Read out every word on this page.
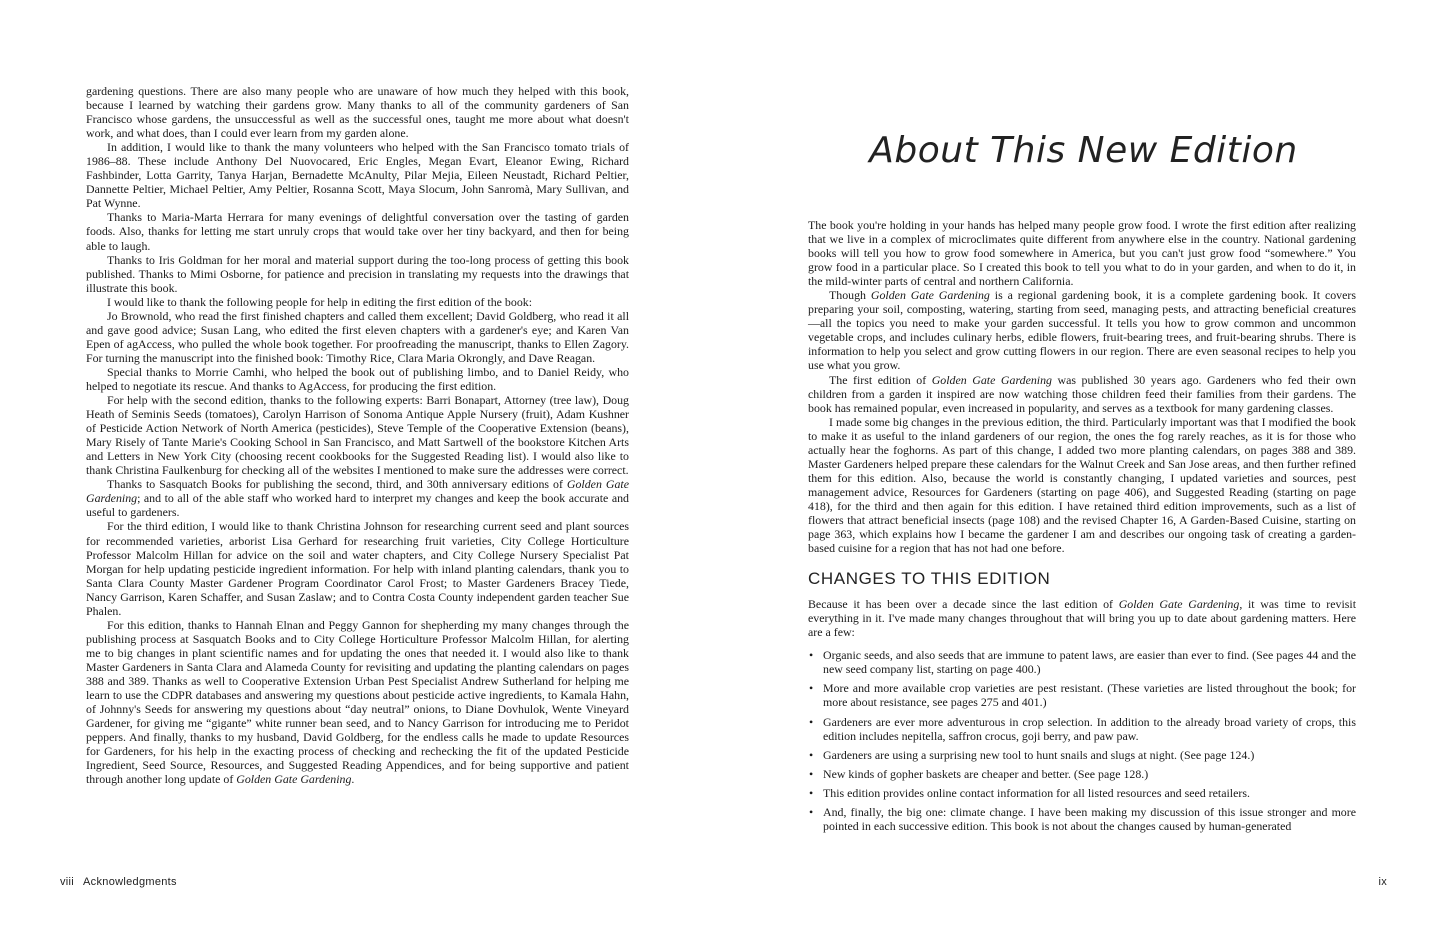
gardening questions. There are also many people who are unaware of how much they helped with this book, because I learned by watching their gardens grow. Many thanks to all of the community gardeners of San Francisco whose gardens, the unsuccessful as well as the successful ones, taught me more about what doesn't work, and what does, than I could ever learn from my garden alone.

In addition, I would like to thank the many volunteers who helped with the San Francisco tomato trials of 1986–88. These include Anthony Del Nuovocared, Eric Engles, Megan Evart, Eleanor Ewing, Richard Fashbinder, Lotta Garrity, Tanya Harjan, Bernadette McAnulty, Pilar Mejia, Eileen Neustadt, Richard Peltier, Dannette Peltier, Michael Peltier, Amy Peltier, Rosanna Scott, Maya Slocum, John Sanromà, Mary Sullivan, and Pat Wynne.

Thanks to Maria-Marta Herrara for many evenings of delightful conversation over the tasting of garden foods. Also, thanks for letting me start unruly crops that would take over her tiny backyard, and then for being able to laugh.

Thanks to Iris Goldman for her moral and material support during the too-long process of getting this book published. Thanks to Mimi Osborne, for patience and precision in translating my requests into the drawings that illustrate this book.

I would like to thank the following people for help in editing the first edition of the book:

Jo Brownold, who read the first finished chapters and called them excellent; David Goldberg, who read it all and gave good advice; Susan Lang, who edited the first eleven chapters with a gardener's eye; and Karen Van Epen of agAccess, who pulled the whole book together. For proofreading the manuscript, thanks to Ellen Zagory. For turning the manuscript into the finished book: Timothy Rice, Clara Maria Okrongly, and Dave Reagan.

Special thanks to Morrie Camhi, who helped the book out of publishing limbo, and to Daniel Reidy, who helped to negotiate its rescue. And thanks to AgAccess, for producing the first edition.

For help with the second edition, thanks to the following experts: Barri Bonapart, Attorney (tree law), Doug Heath of Seminis Seeds (tomatoes), Carolyn Harrison of Sonoma Antique Apple Nursery (fruit), Adam Kushner of Pesticide Action Network of North America (pesticides), Steve Temple of the Cooperative Extension (beans), Mary Risely of Tante Marie's Cooking School in San Francisco, and Matt Sartwell of the bookstore Kitchen Arts and Letters in New York City (choosing recent cookbooks for the Suggested Reading list). I would also like to thank Christina Faulkenburg for checking all of the websites I mentioned to make sure the addresses were correct.

Thanks to Sasquatch Books for publishing the second, third, and 30th anniversary editions of Golden Gate Gardening; and to all of the able staff who worked hard to interpret my changes and keep the book accurate and useful to gardeners.

For the third edition, I would like to thank Christina Johnson for researching current seed and plant sources for recommended varieties, arborist Lisa Gerhard for researching fruit varieties, City College Horticulture Professor Malcolm Hillan for advice on the soil and water chapters, and City College Nursery Specialist Pat Morgan for help updating pesticide ingredient information. For help with inland planting calendars, thank you to Santa Clara County Master Gardener Program Coordinator Carol Frost; to Master Gardeners Bracey Tiede, Nancy Garrison, Karen Schaffer, and Susan Zaslaw; and to Contra Costa County independent garden teacher Sue Phalen.

For this edition, thanks to Hannah Elnan and Peggy Gannon for shepherding my many changes through the publishing process at Sasquatch Books and to City College Horticulture Professor Malcolm Hillan, for alerting me to big changes in plant scientific names and for updating the ones that needed it. I would also like to thank Master Gardeners in Santa Clara and Alameda County for revisiting and updating the planting calendars on pages 388 and 389. Thanks as well to Cooperative Extension Urban Pest Specialist Andrew Sutherland for helping me learn to use the CDPR databases and answering my questions about pesticide active ingredients, to Kamala Hahn, of Johnny's Seeds for answering my questions about “day neutral” onions, to Diane Dovhulok, Wente Vineyard Gardener, for giving me “gigante” white runner bean seed, and to Nancy Garrison for introducing me to Peridot peppers. And finally, thanks to my husband, David Goldberg, for the endless calls he made to update Resources for Gardeners, for his help in the exacting process of checking and rechecking the fit of the updated Pesticide Ingredient, Seed Source, Resources, and Suggested Reading Appendices, and for being supportive and patient through another long update of Golden Gate Gardening.

viii Acknowledgments
About This New Edition

The book you're holding in your hands has helped many people grow food. I wrote the first edition after realizing that we live in a complex of microclimates quite different from anywhere else in the country. National gardening books will tell you how to grow food somewhere in America, but you can't just grow food “somewhere.” You grow food in a particular place. So I created this book to tell you what to do in your garden, and when to do it, in the mild-winter parts of central and northern California.

Though Golden Gate Gardening is a regional gardening book, it is a complete gardening book. It covers preparing your soil, composting, watering, starting from seed, managing pests, and attracting beneficial creatures—all the topics you need to make your garden successful. It tells you how to grow common and uncommon vegetable crops, and includes culinary herbs, edible flowers, fruit-bearing trees, and fruit-bearing shrubs. There is information to help you select and grow cutting flowers in our region. There are even seasonal recipes to help you use what you grow.

The first edition of Golden Gate Gardening was published 30 years ago. Gardeners who fed their own children from a garden it inspired are now watching those children feed their families from their gardens. The book has remained popular, even increased in popularity, and serves as a textbook for many gardening classes.

I made some big changes in the previous edition, the third. Particularly important was that I modified the book to make it as useful to the inland gardeners of our region, the ones the fog rarely reaches, as it is for those who actually hear the foghorns. As part of this change, I added two more planting calendars, on pages 388 and 389. Master Gardeners helped prepare these calendars for the Walnut Creek and San Jose areas, and then further refined them for this edition. Also, because the world is constantly changing, I updated varieties and sources, pest management advice, Resources for Gardeners (starting on page 406), and Suggested Reading (starting on page 418), for the third and then again for this edition. I have retained third edition improvements, such as a list of flowers that attract beneficial insects (page 108) and the revised Chapter 16, A Garden-Based Cuisine, starting on page 363, which explains how I became the gardener I am and describes our ongoing task of creating a garden-based cuisine for a region that has not had one before.

CHANGES TO THIS EDITION

Because it has been over a decade since the last edition of Golden Gate Gardening, it was time to revisit everything in it. I've made many changes throughout that will bring you up to date about gardening matters. Here are a few:

• Organic seeds, and also seeds that are immune to patent laws, are easier than ever to find. (See pages 44 and the new seed company list, starting on page 400.)
• More and more available crop varieties are pest resistant. (These varieties are listed throughout the book; for more about resistance, see pages 275 and 401.)
• Gardeners are ever more adventurous in crop selection. In addition to the already broad variety of crops, this edition includes nepitella, saffron crocus, goji berry, and paw paw.
• Gardeners are using a surprising new tool to hunt snails and slugs at night. (See page 124.)
• New kinds of gopher baskets are cheaper and better. (See page 128.)
• This edition provides online contact information for all listed resources and seed retailers.
• And, finally, the big one: climate change. I have been making my discussion of this issue stronger and more pointed in each successive edition. This book is not about the changes caused by human-generated
ix
